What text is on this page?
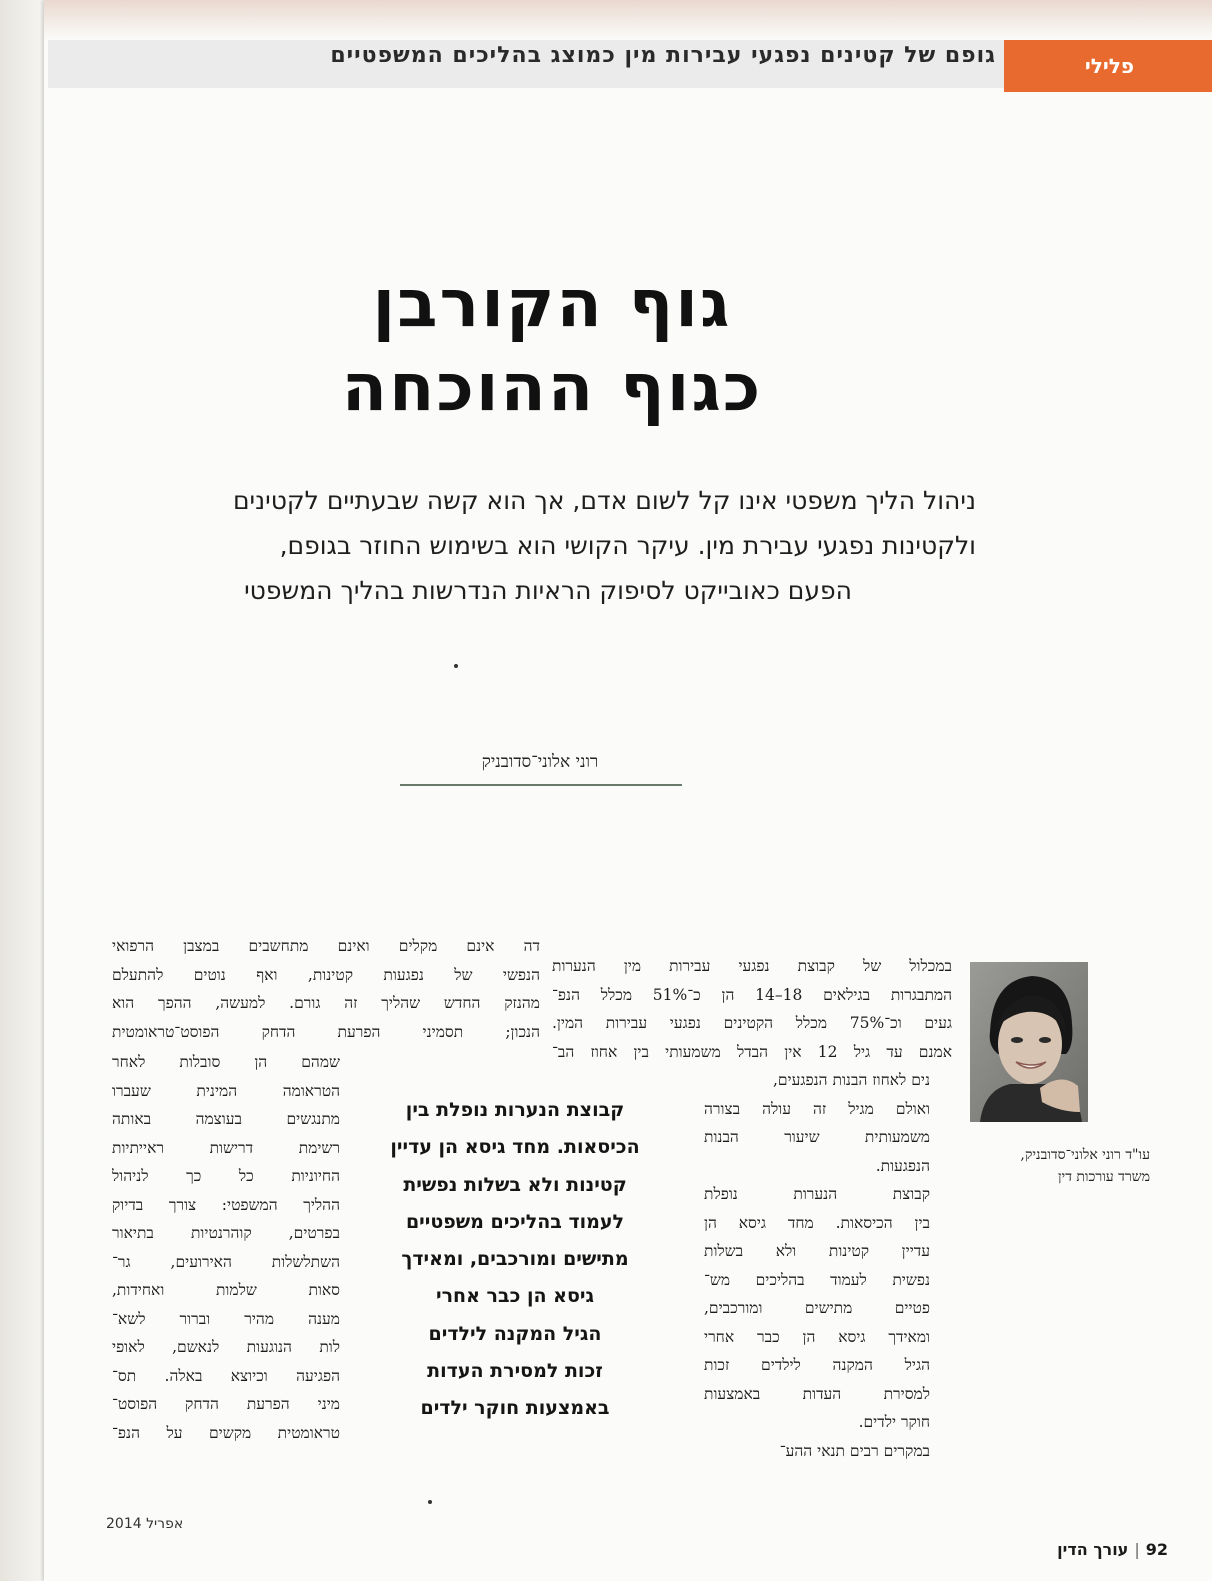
גופם של קטינים נפגעי עבירות מין כמוצג בהליכים המשפטיים	פלילי
גוף הקורבן
כגוף ההוכחה
ניהול הליך משפטי אינו קל לשום אדם, אך הוא קשה שבעתיים לקטינים
ולקטינות נפגעי עבירת מין. עיקר הקושי הוא בשימוש החוזר בגופם,
הפעם כאובייקט לסיפוק הראיות הנדרשות בהליך המשפטי
רוני אלוני־סדובניק
במכלול של קבוצת נפגעי עבירות מין הנערות
המתבגרות בגילאים 18–14 הן כ־51% מכלל הנפ־
געים וכ־75% מכלל הקטינים נפגעי עבירות המין.
אמנם עד גיל 12 אין הבדל משמעותי בין אחוז הב־
נים לאחוז הבנות הנפגעים,
ואולם מגיל זה עולה בצורה
משמעותית שיעור הבנות
הנפגעות.
קבוצת הנערות נופלת
בין הכיסאות. מחד גיסא הן
עדיין קטינות ולא בשלות
נפשית לעמוד בהליכים מש־
פטיים מתישים ומורכבים,
ומאידך גיסא הן כבר אחרי
הגיל המקנה לילדים זכות
למסירת העדות באמצעות
חוקר ילדים.
במקרים רבים תנאי ההע־
דה אינם מקלים ואינם מתחשבים במצבן הרפואי
הנפשי של נפגעות קטינות, ואף נוטים להתעלם
מהנזק החדש שהליך זה גורם. למעשה, ההפך הוא
הנכון; תסמיני הפרעת הדחק הפוסט־טראומטית
שמהם הן סובלות לאחר
הטראומה המינית שעברו
מתנגשים בעוצמה באותה
רשימת דרישות ראייתיות
החיוניות כל כך לניהול
ההליך המשפטי: צורך בדיוק
בפרטים, קוהרנטיות בתיאור
השתלשלות האירועים, גר־
סאות שלמות ואחידות,
מענה מהיר וברור לשא־
לות הנוגעות לנאשם, לאופי
הפגיעה וכיוצא באלה. תס־
מיני הפרעת הדחק הפוסט־
טראומטית מקשים על הנפ־
קבוצת הנערות נופלת בין
הכיסאות. מחד גיסא הן עדיין
קטינות ולא בשלות נפשית
לעמוד בהליכים משפטיים
מתישים ומורכבים, ומאידך
גיסא הן כבר אחרי
הגיל המקנה לילדים
זכות למסירת העדות
באמצעות חוקר ילדים
עו"ד רוני אלוני־סדובניק,
משרד עורכות דין
אפריל 2014
92|עורך הדין
